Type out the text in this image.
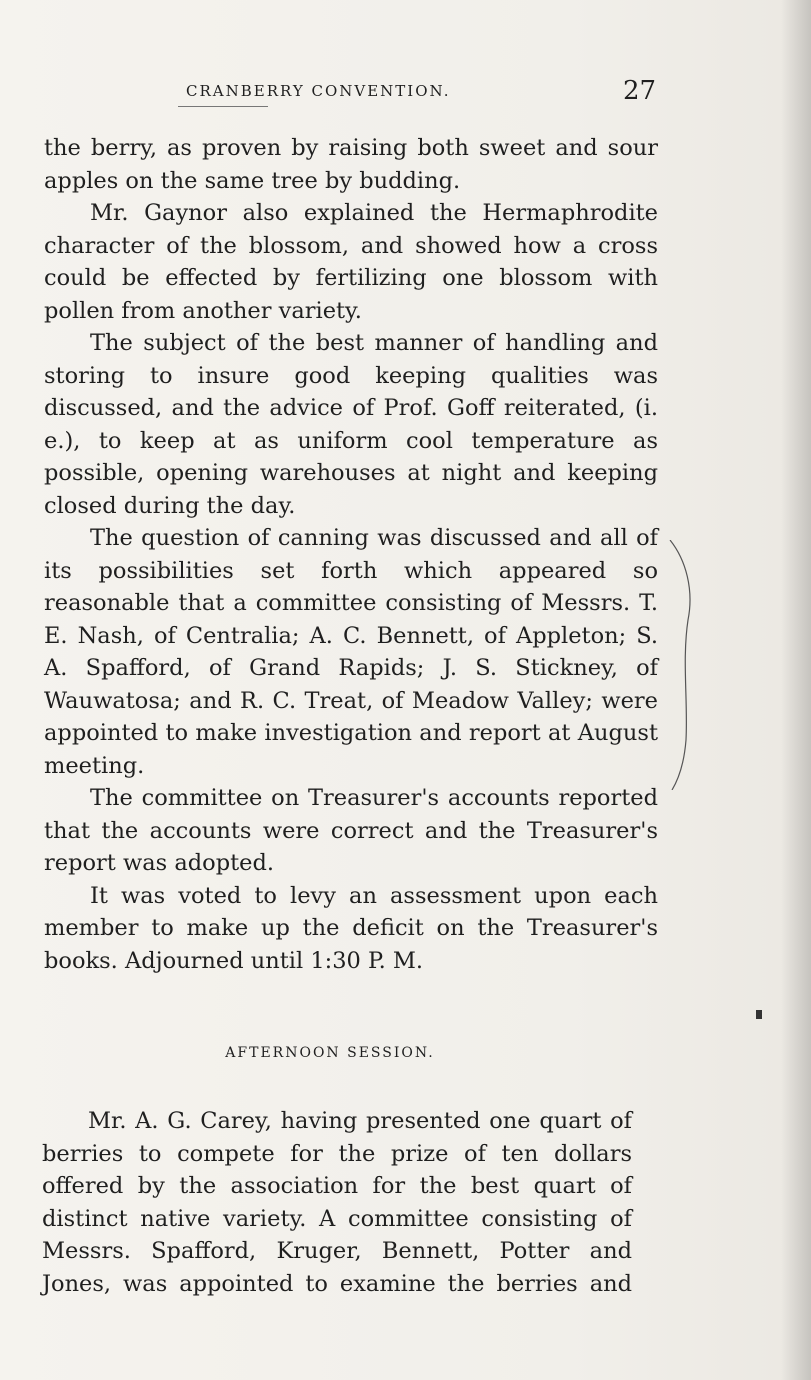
CRANBERRY CONVENTION.	27

the berry, as proven by raising both sweet and sour apples on the same tree by budding.

Mr. Gaynor also explained the Hermaphrodite character of the blossom, and showed how a cross could be effected by fertilizing one blossom with pollen from another variety.

The subject of the best manner of handling and storing to insure good keeping qualities was discussed, and the advice of Prof. Goff reiterated, (i. e.), to keep at as uniform cool temperature as possible, opening warehouses at night and keeping closed during the day.

The question of canning was discussed and all of its possibilities set forth which appeared so reasonable that a committee consisting of Messrs. T. E. Nash, of Centralia; A. C. Bennett, of Appleton; S. A. Spafford, of Grand Rapids; J. S. Stickney, of Wauwatosa; and R. C. Treat, of Meadow Valley; were appointed to make investigation and report at August meeting.

The committee on Treasurer's accounts reported that the accounts were correct and the Treasurer's report was adopted.

It was voted to levy an assessment upon each member to make up the deficit on the Treasurer's books. Adjourned until 1:30 P. M.

AFTERNOON SESSION.

Mr. A. G. Carey, having presented one quart of berries to compete for the prize of ten dollars offered by the association for the best quart of distinct native variety. A committee consisting of Messrs. Spafford, Kruger, Bennett, Potter and Jones, was appointed to examine the berries and
